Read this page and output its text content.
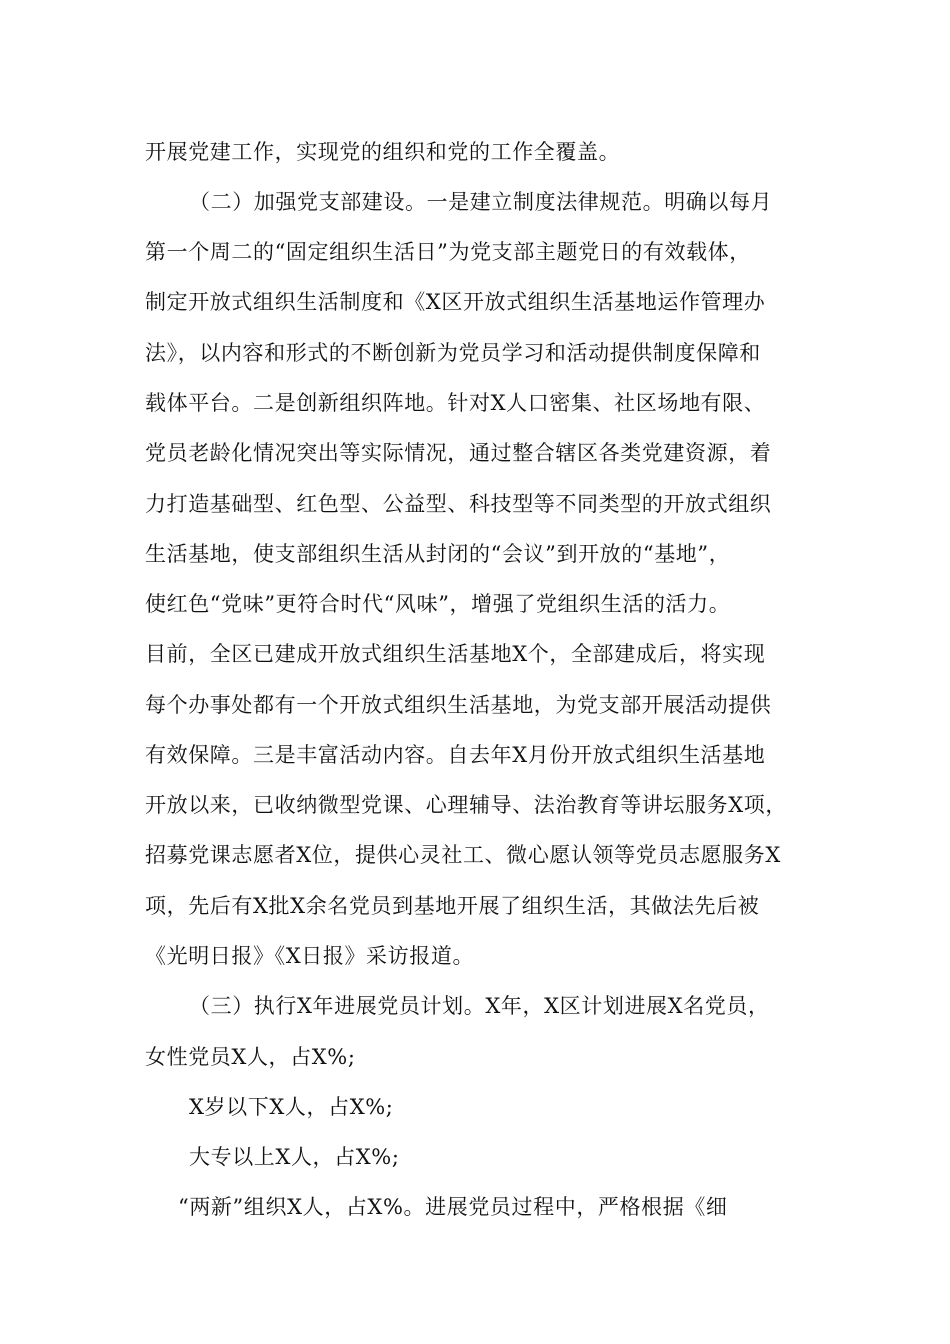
开展党建工作，实现党的组织和党的工作全覆盖。
（二）加强党支部建设。一是建立制度法律规范。明确以每月
第一个周二的“固定组织生活日”为党支部主题党日的有效载体，
制定开放式组织生活制度和《X区开放式组织生活基地运作管理办
法》，以内容和形式的不断创新为党员学习和活动提供制度保障和
载体平台。二是创新组织阵地。针对X人口密集、社区场地有限、
党员老龄化情况突出等实际情况，通过整合辖区各类党建资源，着
力打造基础型、红色型、公益型、科技型等不同类型的开放式组织
生活基地，使支部组织生活从封闭的“会议”到开放的“基地”，
使红色“党味”更符合时代“风味”，增强了党组织生活的活力。
目前，全区已建成开放式组织生活基地X个，全部建成后，将实现
每个办事处都有一个开放式组织生活基地，为党支部开展活动提供
有效保障。三是丰富活动内容。自去年X月份开放式组织生活基地
开放以来，已收纳微型党课、心理辅导、法治教育等讲坛服务X项，
招募党课志愿者X位，提供心灵社工、微心愿认领等党员志愿服务X
项，先后有X批X余名党员到基地开展了组织生活，其做法先后被
《光明日报》《X日报》采访报道。
（三）执行X年进展党员计划。X年，X区计划进展X名党员，
女性党员X人，占X%;
X岁以下X人，占X%;
大专以上X人，占X%;
“两新”组织X人，占X%。进展党员过程中，严格根据《细
